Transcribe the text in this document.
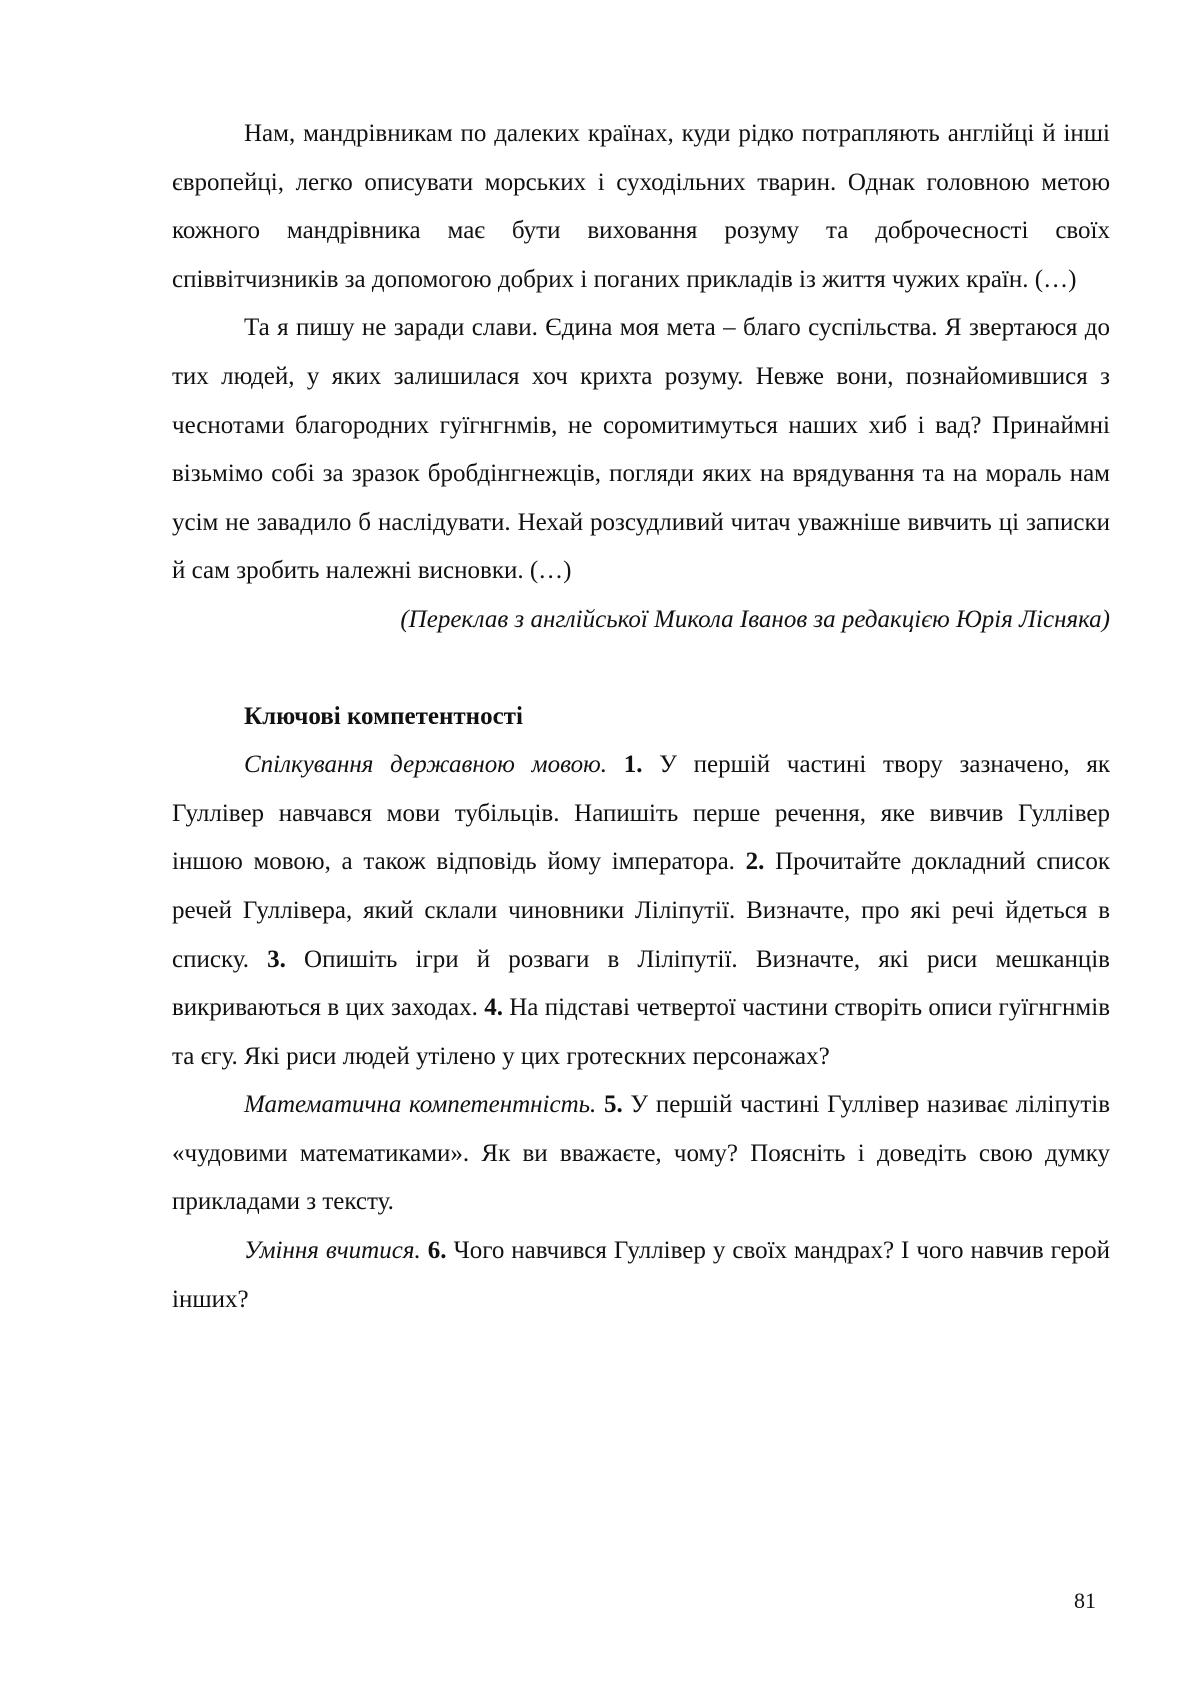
Нам, мандрівникам по далеких країнах, куди рідко потрапляють англійці й інші європейці, легко описувати морських і суходільних тварин. Однак головною метою кожного мандрівника має бути виховання розуму та доброчесності своїх співвітчизників за допомогою добрих і поганих прикладів із життя чужих країн. (…)

Та я пишу не заради слави. Єдина моя мета – благо суспільства. Я звертаюся до тих людей, у яких залишилася хоч крихта розуму. Невже вони, познайомившися з чеснотами благородних гуїгнгнмів, не соромитимуться наших хиб і вад? Принаймні візьмімо собі за зразок бробдінгнежців, погляди яких на врядування та на мораль нам усім не завадило б наслідувати. Нехай розсудливий читач уважніше вивчить ці записки й сам зробить належні висновки. (…)

(Переклав з англійської Микола Іванов за редакцією Юрія Лісняка)
Ключові компетентності

Спілкування державною мовою. 1. У першій частині твору зазначено, як Гуллівер навчався мови тубільців. Напишіть перше речення, яке вивчив Гуллівер іншою мовою, а також відповідь йому імператора. 2. Прочитайте докладний список речей Гуллівера, який склали чиновники Ліліпутії. Визначте, про які речі йдеться в списку. 3. Опишіть ігри й розваги в Ліліпутії. Визначте, які риси мешканців викриваються в цих заходах. 4. На підставі четвертої частини створіть описи гуїгнгнмів та єгу. Які риси людей утілено у цих гротескних персонажах?

Математична компетентність. 5. У першій частині Гуллівер називає ліліпутів «чудовими математиками». Як ви вважаєте, чому? Поясніть і доведіть свою думку прикладами з тексту.

Уміння вчитися. 6. Чого навчився Гуллівер у своїх мандрах? І чого навчив герой інших?

81
